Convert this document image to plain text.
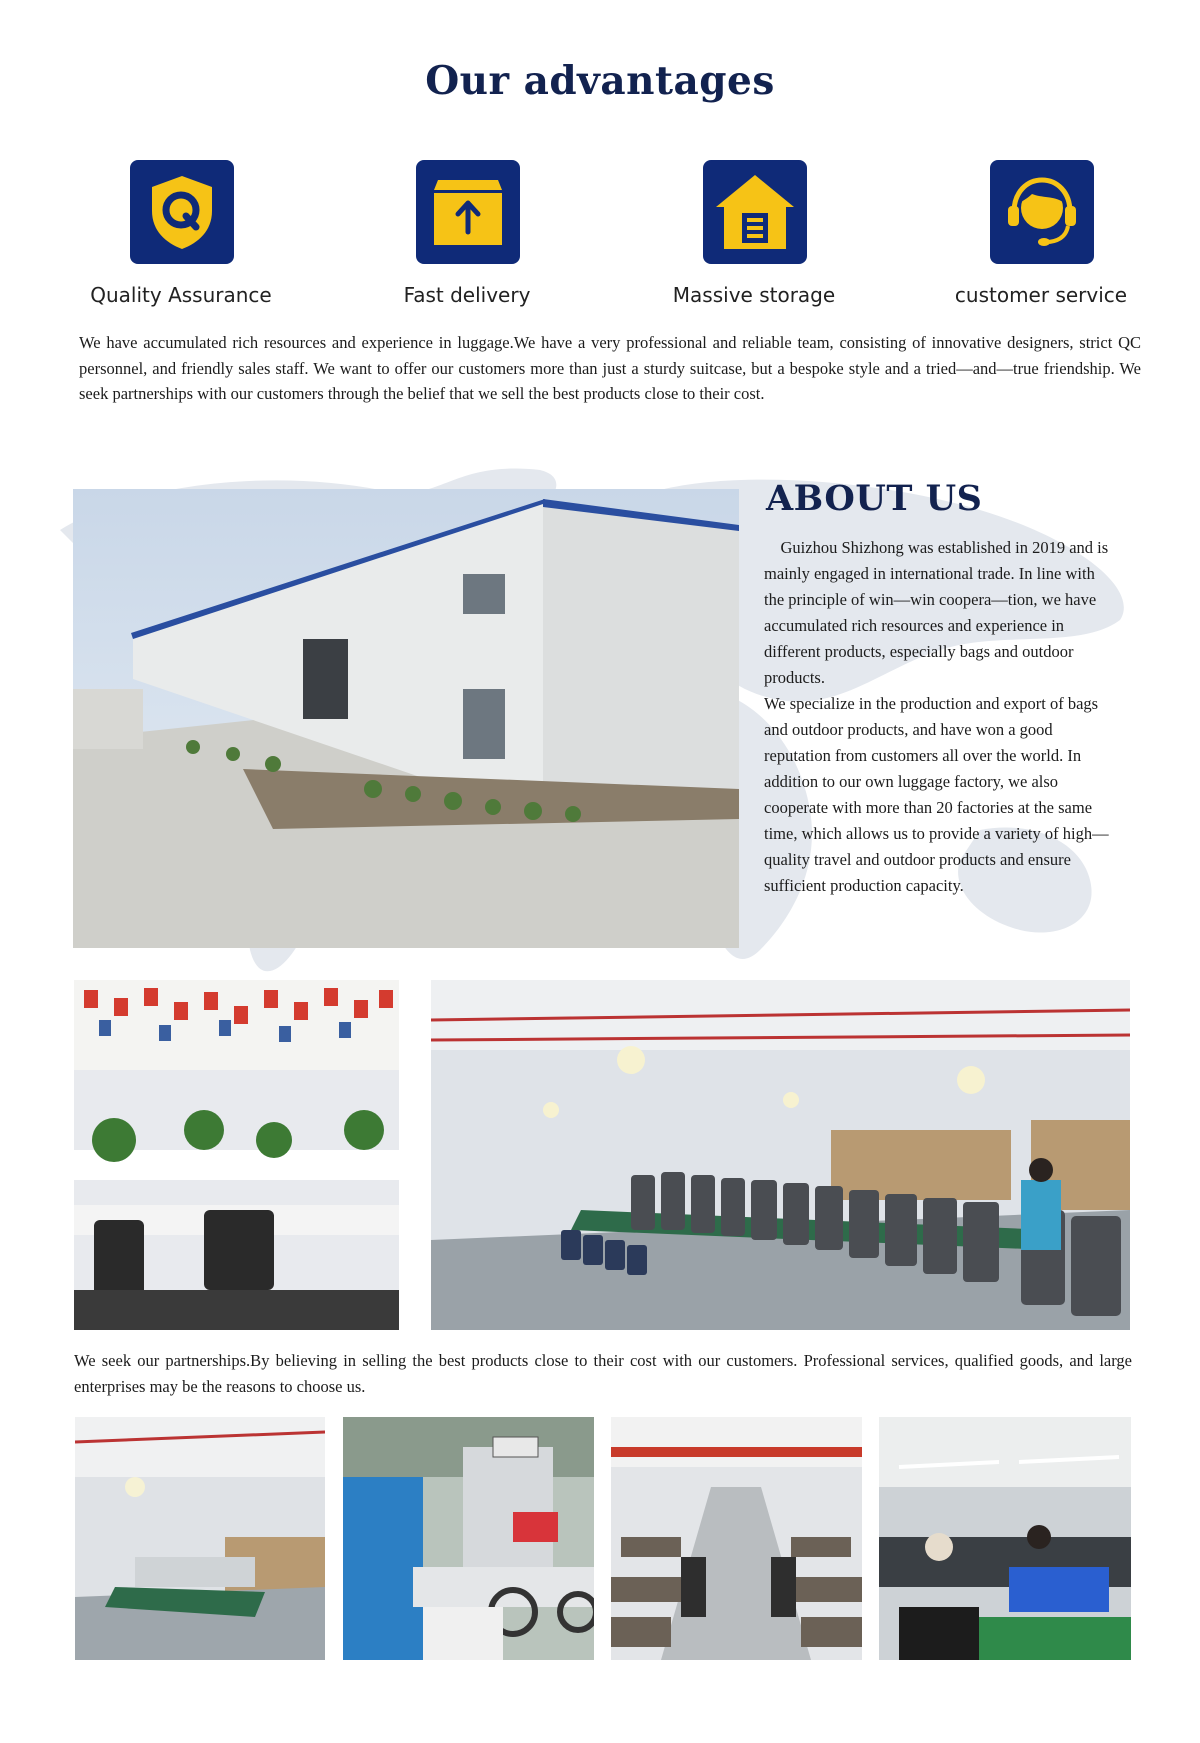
Our advantages
Quality Assurance	Fast delivery	Massive storage	customer service
We have accumulated rich resources and experience in luggage.We have a very professional and reliable team, consisting of innovative designers, strict QC personnel, and friendly sales staff. We want to offer our customers more than just a sturdy suitcase, but a bespoke style and a tried—and—true friendship. We seek partnerships with our customers through the belief that we sell the best products close to their cost.
ABOUT US
Guizhou Shizhong was established in 2019 and is mainly engaged in international trade. In line with the principle of win—win coopera—tion, we have accumulated rich resources and experience in different products, especially bags and outdoor products.
We specialize in the production and export of bags and outdoor products, and have won a good reputation from customers all over the world. In addition to our own luggage factory, we also cooperate with more than 20 factories at the same time, which allows us to provide a variety of high—quality travel and outdoor products and ensure sufficient production capacity.
We seek our partnerships.By believing in selling the best products close to their cost with our customers. Professional services, qualified goods, and large enterprises may be the reasons to choose us.
